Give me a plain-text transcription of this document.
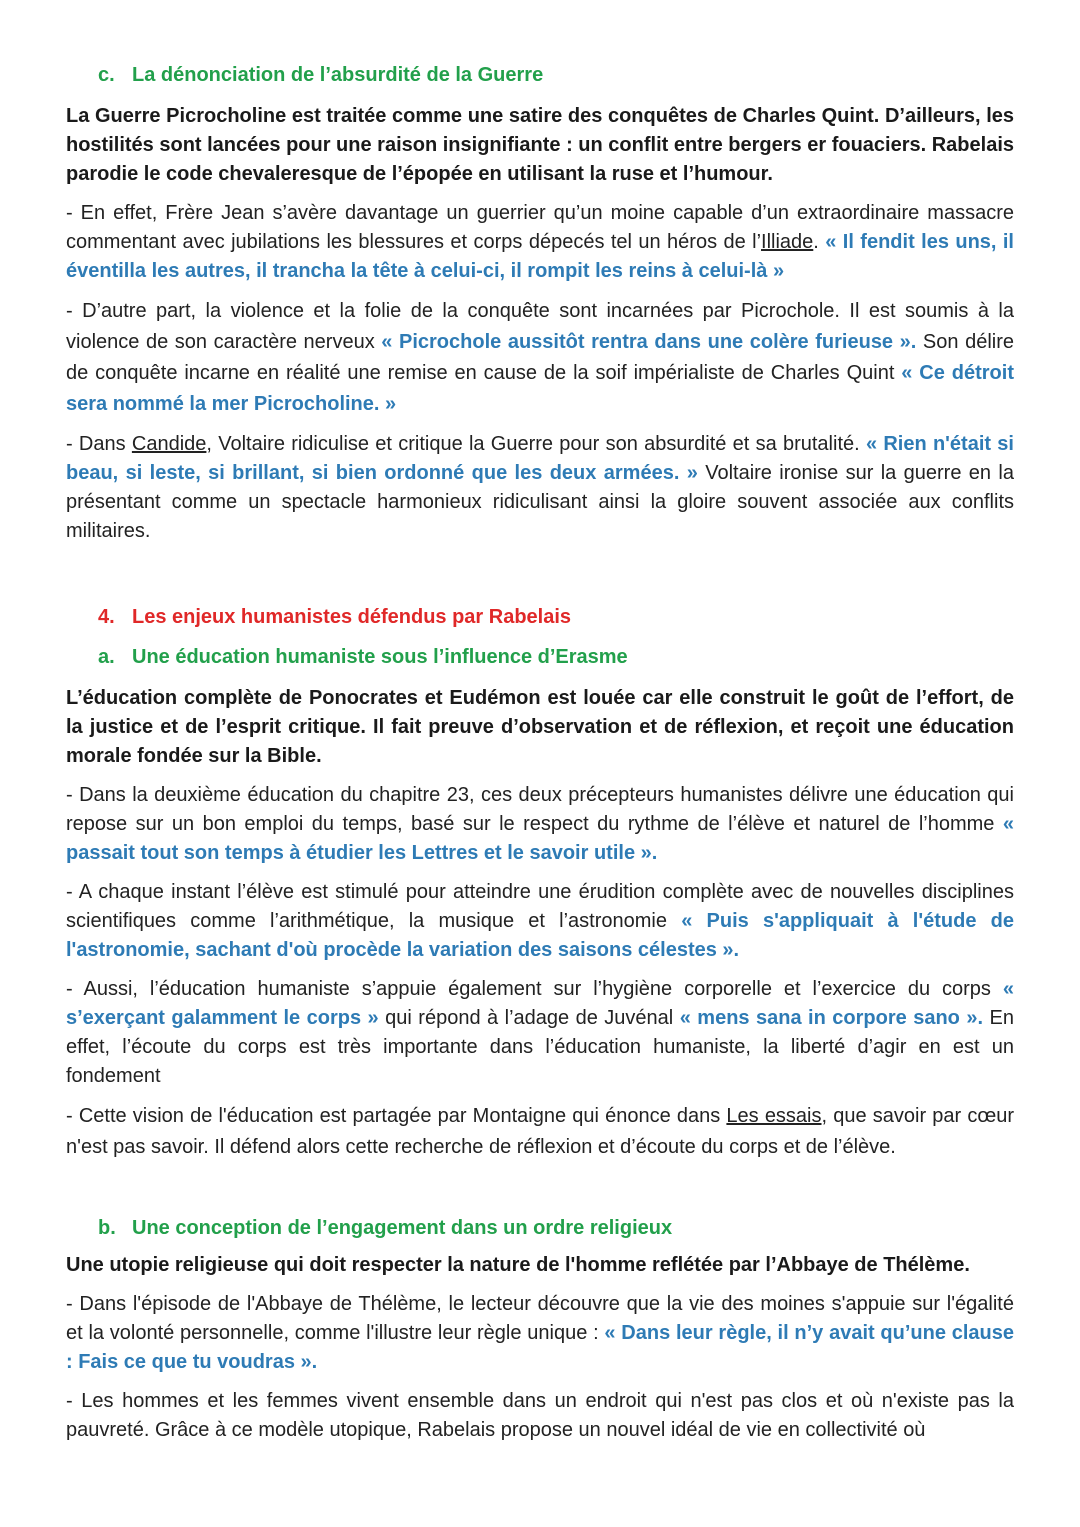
c. La dénonciation de l’absurdité de la Guerre

La Guerre Picrocholine est traitée comme une satire des conquêtes de Charles Quint. D’ailleurs, les hostilités sont lancées pour une raison insignifiante : un conflit entre bergers er fouaciers. Rabelais parodie le code chevaleresque de l’épopée en utilisant la ruse et l’humour.

- En effet, Frère Jean s’avère davantage un guerrier qu’un moine capable d’un extraordinaire massacre commentant avec jubilations les blessures et corps dépecés tel un héros de l’Illiade. « Il fendit les uns, il éventilla les autres, il trancha la tête à celui-ci, il rompit les reins à celui-là »

- D’autre part, la violence et la folie de la conquête sont incarnées par Picrochole. Il est soumis à la violence de son caractère nerveux « Picrochole aussitôt rentra dans une colère furieuse ». Son délire de conquête incarne en réalité une remise en cause de la soif impérialiste de Charles Quint « Ce détroit sera nommé la mer Picrocholine. »

- Dans Candide, Voltaire ridiculise et critique la Guerre pour son absurdité et sa brutalité. « Rien n'était si beau, si leste, si brillant, si bien ordonné que les deux armées. » Voltaire ironise sur la guerre en la présentant comme un spectacle harmonieux ridiculisant ainsi la gloire souvent associée aux conflits militaires.

4. Les enjeux humanistes défendus par Rabelais
a. Une éducation humaniste sous l’influence d’Erasme

L’éducation complète de Ponocrates et Eudémon est louée car elle construit le goût de l’effort, de la justice et de l’esprit critique. Il fait preuve d’observation et de réflexion, et reçoit une éducation morale fondée sur la Bible.

- Dans la deuxième éducation du chapitre 23, ces deux précepteurs humanistes délivre une éducation qui repose sur un bon emploi du temps, basé sur le respect du rythme de l’élève et naturel de l’homme « passait tout son temps à étudier les Lettres et le savoir utile ».

- A chaque instant l’élève est stimulé pour atteindre une érudition complète avec de nouvelles disciplines scientifiques comme l’arithmétique, la musique et l’astronomie « Puis s'appliquait à l'étude de l'astronomie, sachant d'où procède la variation des saisons célestes ».

- Aussi, l’éducation humaniste s’appuie également sur l’hygiène corporelle et l’exercice du corps « s’exerçant galamment le corps » qui répond à l’adage de Juvénal « mens sana in corpore sano ». En effet, l’écoute du corps est très importante dans l’éducation humaniste, la liberté d’agir en est un fondement

- Cette vision de l'éducation est partagée par Montaigne qui énonce dans Les essais, que savoir par cœur n'est pas savoir. Il défend alors cette recherche de réflexion et d’écoute du corps et de l’élève.

b. Une conception de l’engagement dans un ordre religieux

Une utopie religieuse qui doit respecter la nature de l'homme reflétée par l’Abbaye de Thélème.

- Dans l'épisode de l'Abbaye de Thélème, le lecteur découvre que la vie des moines s'appuie sur l'égalité et la volonté personnelle, comme l'illustre leur règle unique : « Dans leur règle, il n’y avait qu’une clause : Fais ce que tu voudras ».

- Les hommes et les femmes vivent ensemble dans un endroit qui n'est pas clos et où n'existe pas la pauvreté. Grâce à ce modèle utopique, Rabelais propose un nouvel idéal de vie en collectivité où
